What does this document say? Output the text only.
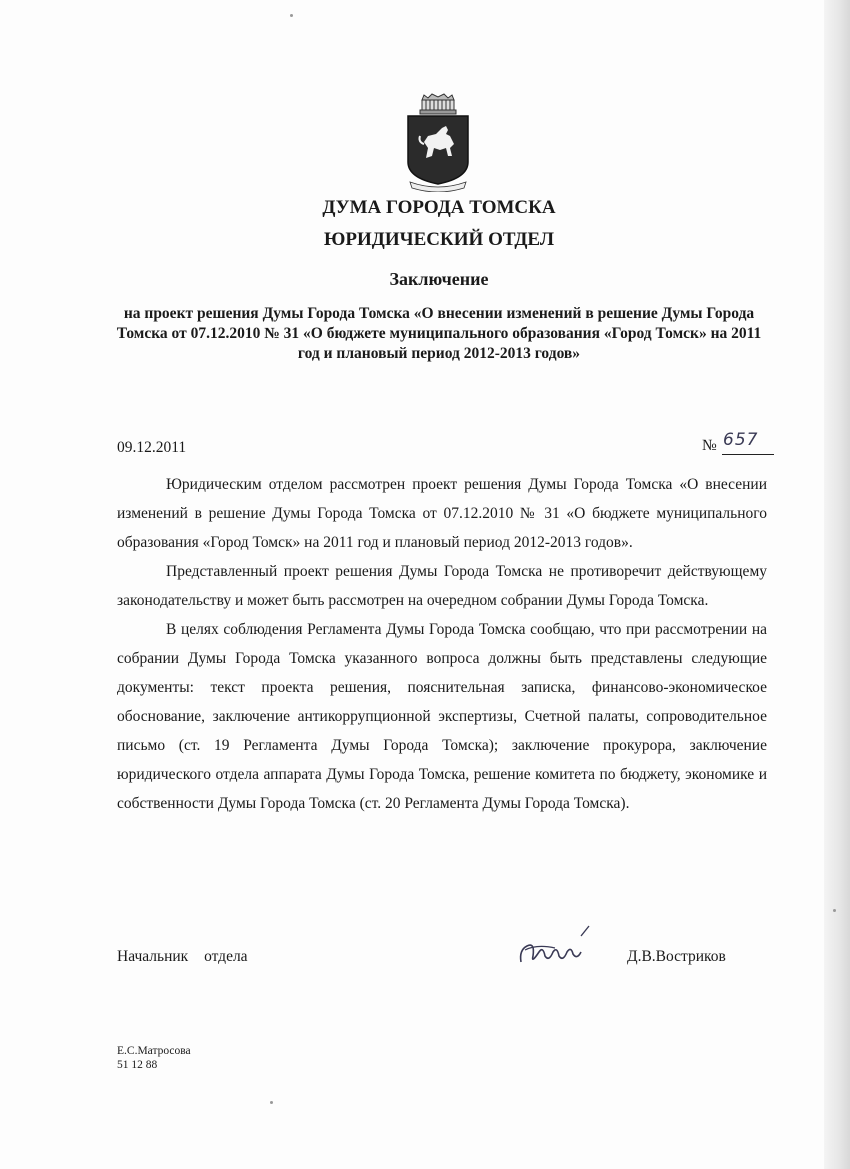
ДУМА ГОРОДА ТОМСКА
ЮРИДИЧЕСКИЙ ОТДЕЛ
Заключение
на проект решения Думы Города Томска «О внесении изменений в решение Думы Города Томска от 07.12.2010 № 31 «О бюджете муниципального образования «Город Томск» на 2011 год и плановый период 2012-2013 годов»
09.12.2011	№ 657

Юридическим отделом рассмотрен проект решения Думы Города Томска «О внесении изменений в решение Думы Города Томска от 07.12.2010 № 31 «О бюджете муниципального образования «Город Томск» на 2011 год и плановый период 2012-2013 годов».

Представленный проект решения Думы Города Томска не противоречит действующему законодательству и может быть рассмотрен на очередном собрании Думы Города Томска.

В целях соблюдения Регламента Думы Города Томска сообщаю, что при рассмотрении на собрании Думы Города Томска указанного вопроса должны быть представлены следующие документы: текст проекта решения, пояснительная записка, финансово-экономическое обоснование, заключение антикоррупционной экспертизы, Счетной палаты, сопроводительное письмо (ст. 19 Регламента Думы Города Томска); заключение прокурора, заключение юридического отдела аппарата Думы Города Томска, решение комитета по бюджету, экономике и собственности Думы Города Томска (ст. 20 Регламента Думы Города Томска).

Начальник отдела	Д.В.Востриков
Е.С.Матросова
51 12 88
